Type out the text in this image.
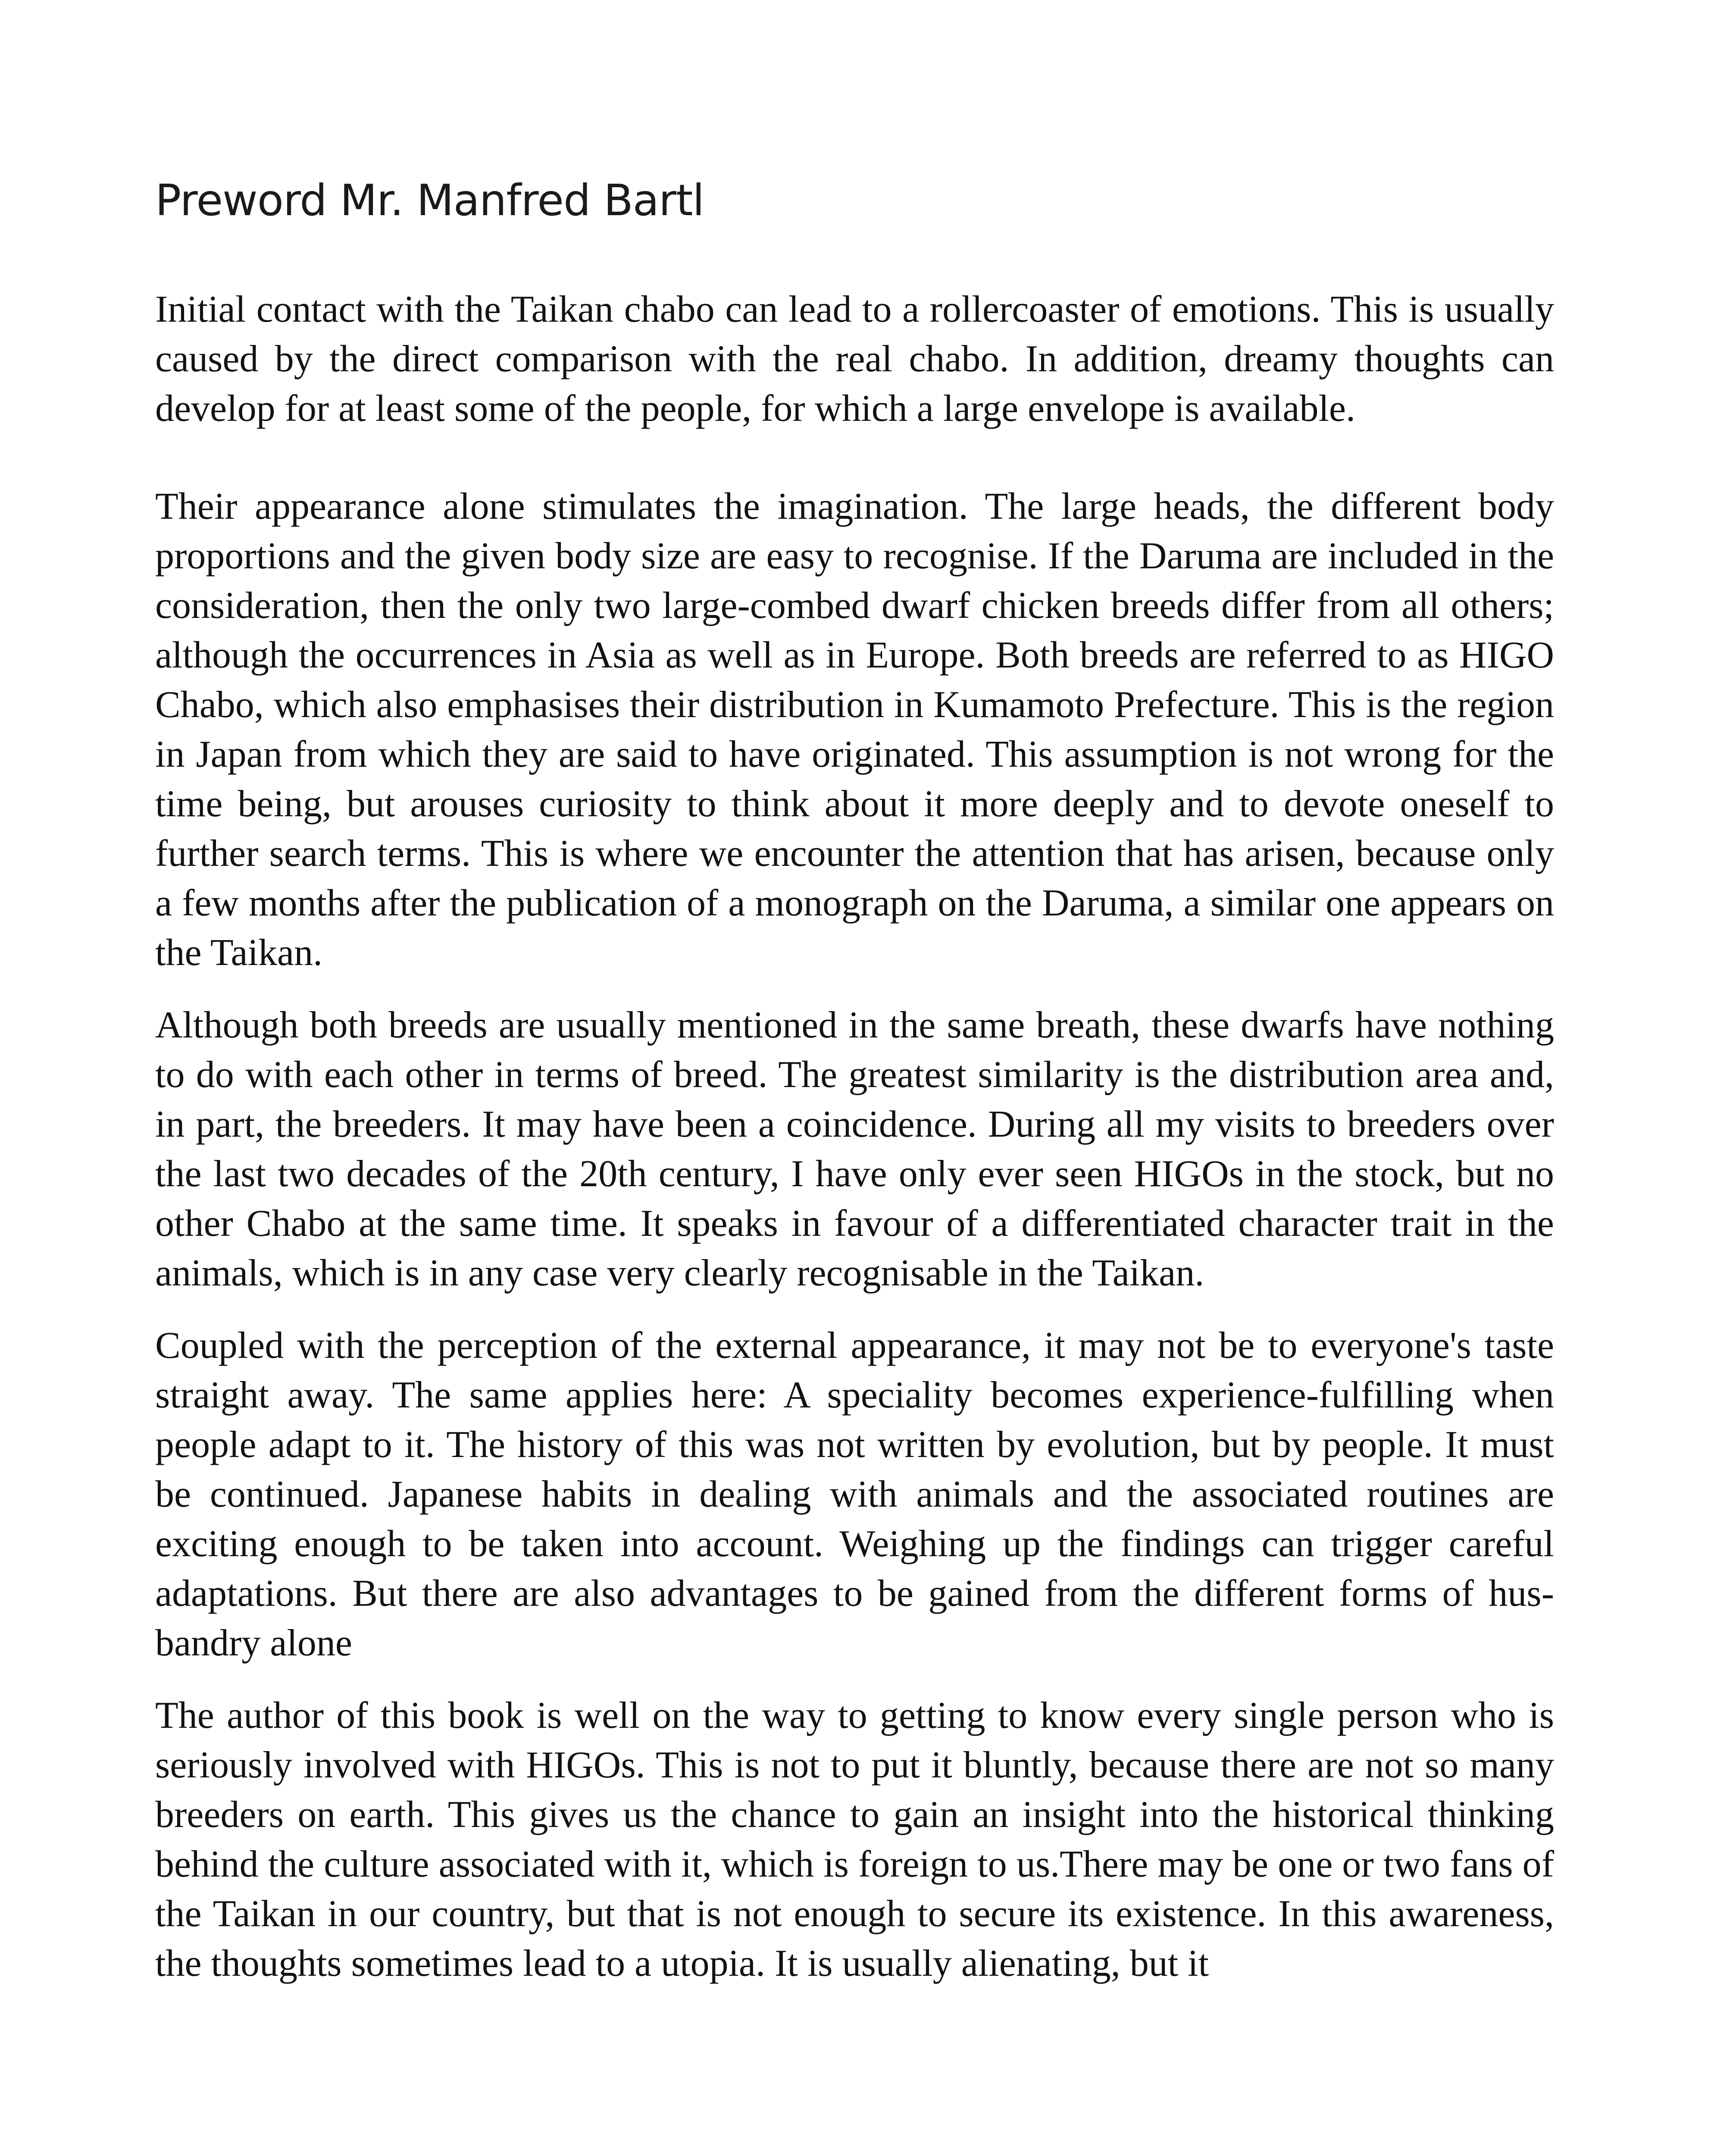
Preword Mr. Manfred Bartl

Initial contact with the Taikan chabo can lead to a rollercoaster of emotions. This is usually caused by the direct comparison with the real chabo. In addition, dreamy thoughts can develop for at least some of the people, for which a large envelope is available.

Their appearance alone stimulates the imagination. The large heads, the different body proportions and the given body size are easy to recognise. If the Daruma are included in the consideration, then the only two large-combed dwarf chicken breeds differ from all others; although the occurrences in Asia as well as in Europe. Both breeds are referred to as HIGO Chabo, which also emphasises their distribution in Kumamoto Prefecture. This is the region in Japan from which they are said to have originated. This assumption is not wrong for the time being, but arouses curiosity to think about it more deeply and to devote oneself to further search terms. This is where we encounter the attention that has arisen, because only a few months after the publication of a monograph on the Daruma, a similar one appears on the Taikan.

Although both breeds are usually mentioned in the same breath, these dwarfs have nothing to do with each other in terms of breed. The greatest similarity is the distribution area and, in part, the breeders. It may have been a coincidence. During all my visits to breeders over the last two decades of the 20th century, I have only ever seen HIGOs in the stock, but no other Chabo at the same time. It speaks in favour of a differentiated character trait in the animals, which is in any case very clearly recognisable in the Taikan.

Coupled with the perception of the external appearance, it may not be to everyone's taste straight away. The same applies here: A speciality becomes experience-fulfilling when people adapt to it. The history of this was not written by evolution, but by people. It must be continued. Japanese habits in dealing with animals and the associated routines are exciting enough to be taken into account. Weighing up the findings can trigger careful adaptations. But there are also advantages to be gained from the different forms of husbandry alone

The author of this book is well on the way to getting to know every single person who is seriously involved with HIGOs. This is not to put it bluntly, because there are not so many breeders on earth. This gives us the chance to gain an insight into the historical thinking behind the culture associated with it, which is foreign to us.There may be one or two fans of the Taikan in our country, but that is not enough to secure its existence. In this awareness, the thoughts sometimes lead to a utopia. It is usually alienating, but it
